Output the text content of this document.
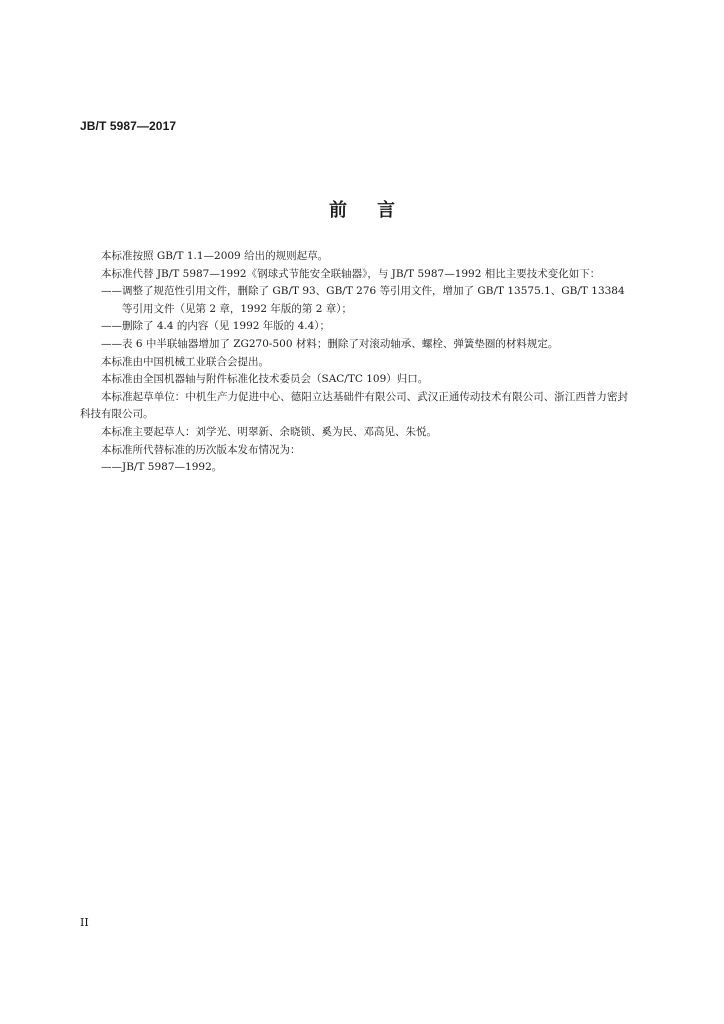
JB/T 5987—2017
前言

本标准按照 GB/T 1.1—2009 给出的规则起草。

本标准代替 JB/T 5987—1992《钢球式节能安全联轴器》，与 JB/T 5987—1992 相比主要技术变化如下：

——调整了规范性引用文件，删除了 GB/T 93、GB/T 276 等引用文件，增加了 GB/T 13575.1、GB/T 13384 等引用文件（见第 2 章，1992 年版的第 2 章）；

——删除了 4.4 的内容（见 1992 年版的 4.4）；

——表 6 中半联轴器增加了 ZG270-500 材料；删除了对滚动轴承、螺栓、弹簧垫圈的材料规定。

本标准由中国机械工业联合会提出。

本标准由全国机器轴与附件标准化技术委员会（SAC/TC 109）归口。

本标准起草单位：中机生产力促进中心、德阳立达基础件有限公司、武汉正通传动技术有限公司、浙江西普力密封科技有限公司。

本标准主要起草人：刘学光、明翠新、余晓锁、奚为民、邓高见、朱悦。

本标准所代替标准的历次版本发布情况为：

——JB/T 5987—1992。

II
